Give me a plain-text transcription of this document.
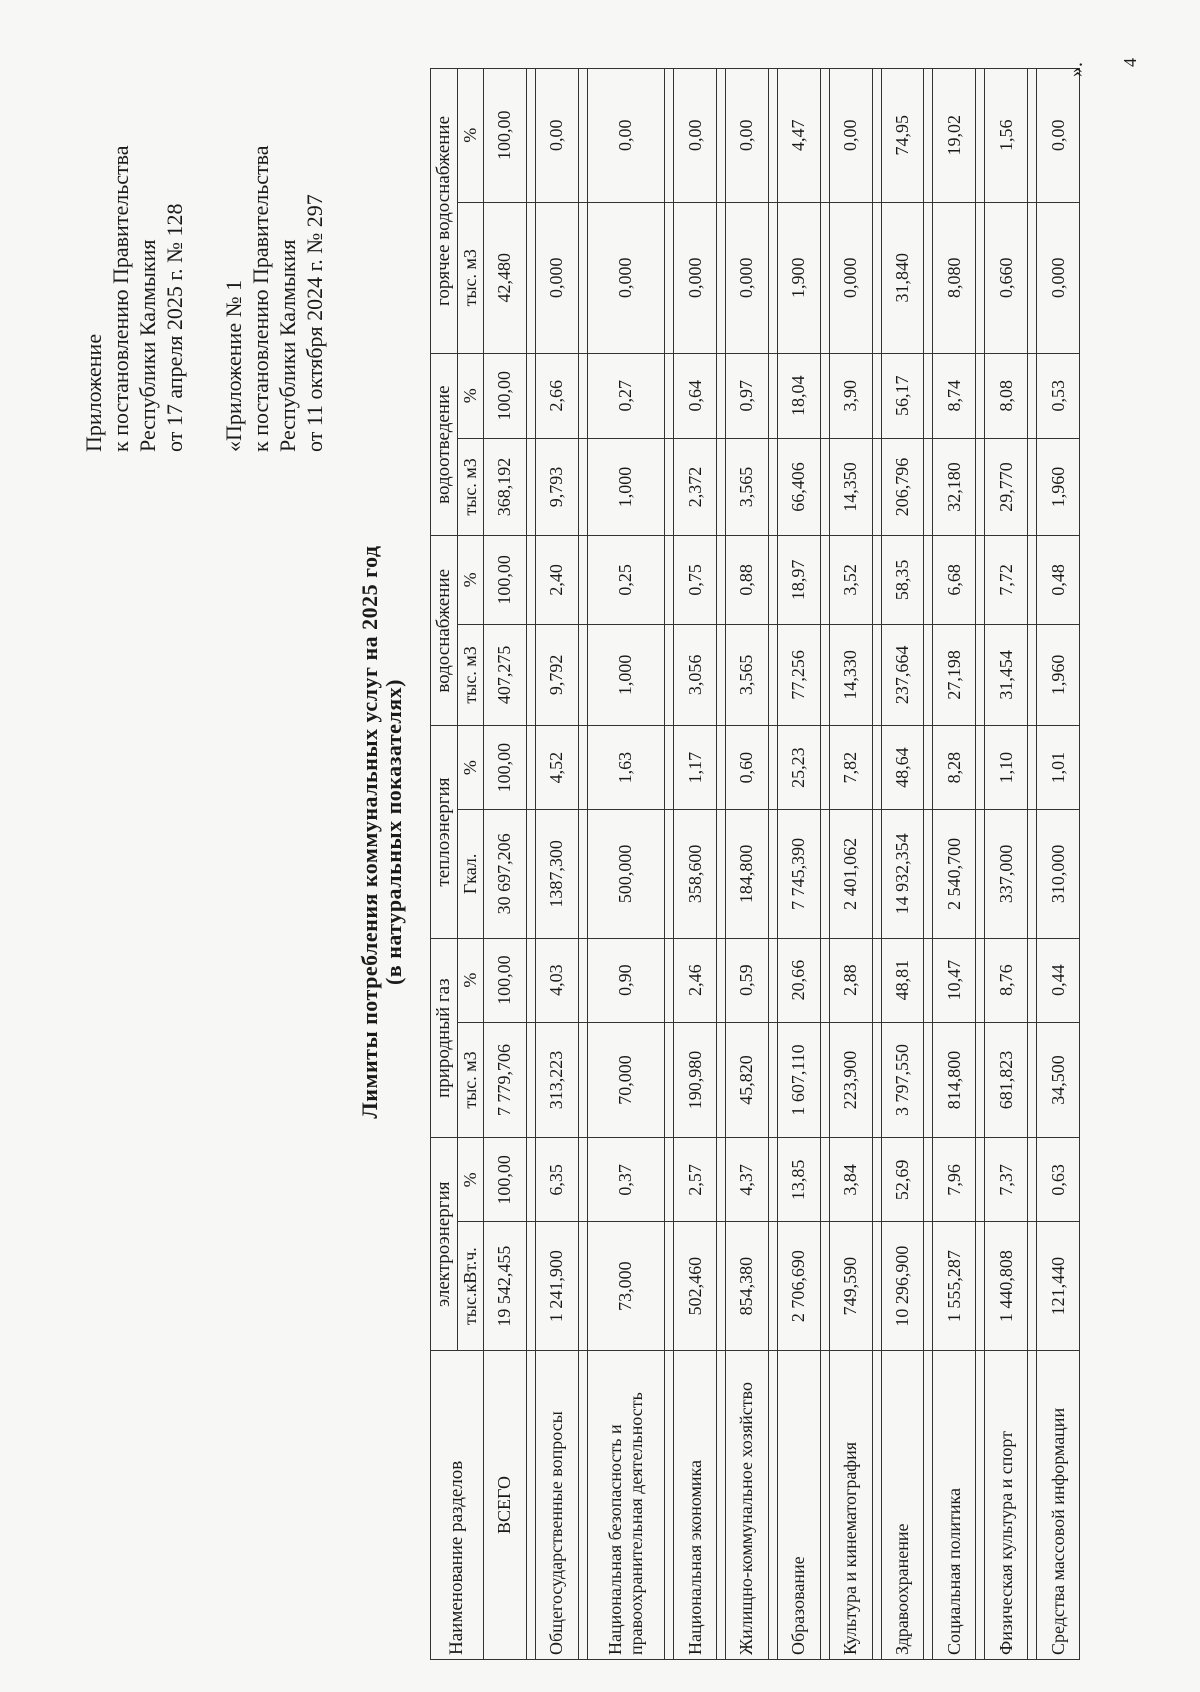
Приложение к постановлению Правительства Республики Калмыкия от 17 апреля 2025 г. № 128 «Приложение № 1 к постановлению Правительства Республики Калмыкия от 11 октября 2024 г. № 297
Лимиты потребления коммунальных услуг на 2025 год (в натуральных показателях)
Наименование разделов	электроэнергия		природный газ		теплоэнергия		водоснабжение		водоотведение		горячее водоснабжение	
	тыс.кВт.ч.	%	тыс. м3	%	Гкал.	%	тыс. м3	%	тыс. м3	%	тыс. м3	%
ВСЕГО	19 542,455	100,00	7 779,706	100,00	30 697,206	100,00	407,275	100,00	368,192	100,00	42,480	100,00

Общегосударственные вопросы	1 241,900	6,35	313,223	4,03	1387,300	4,52	9,792	2,40	9,793	2,66	0,000	0,00

Национальная безопасность и правоохранительная деятельность	73,000	0,37	70,000	0,90	500,000	1,63	1,000	0,25	1,000	0,27	0,000	0,00

Национальная экономика	502,460	2,57	190,980	2,46	358,600	1,17	3,056	0,75	2,372	0,64	0,000	0,00

Жилищно-коммунальное хозяйство	854,380	4,37	45,820	0,59	184,800	0,60	3,565	0,88	3,565	0,97	0,000	0,00

Образование	2 706,690	13,85	1 607,110	20,66	7 745,390	25,23	77,256	18,97	66,406	18,04	1,900	4,47

Культура и кинематография	749,590	3,84	223,900	2,88	2 401,062	7,82	14,330	3,52	14,350	3,90	0,000	0,00

Здравоохранение	10 296,900	52,69	3 797,550	48,81	14 932,354	48,64	237,664	58,35	206,796	56,17	31,840	74,95

Социальная политика	1 555,287	7,96	814,800	10,47	2 540,700	8,28	27,198	6,68	32,180	8,74	8,080	19,02

Физическая культура и спорт	1 440,808	7,37	681,823	8,76	337,000	1,10	31,454	7,72	29,770	8,08	0,660	1,56

Средства массовой информации	121,440	0,63	34,500	0,44	310,000	1,01	1,960	0,48	1,960	0,53	0,000	0,00
». 4
